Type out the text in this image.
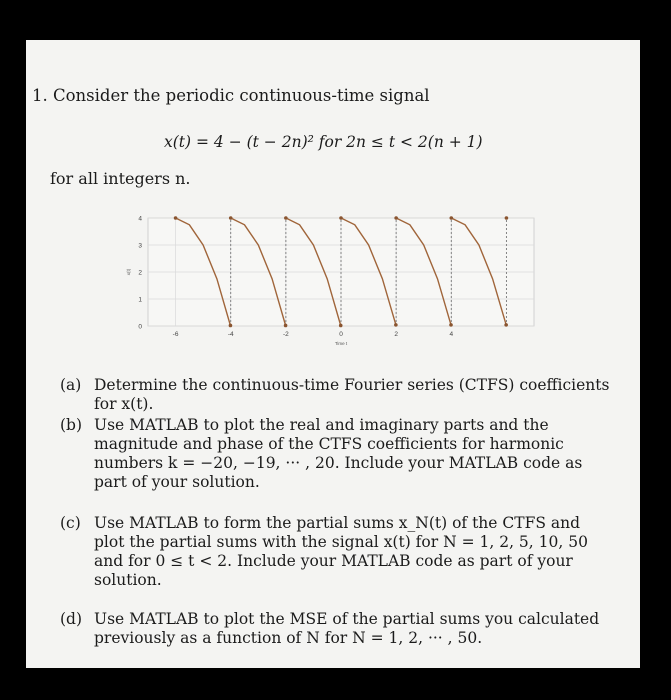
1. Consider the periodic continuous-time signal
x(t) = 4 − (t − 2n)² for 2n ≤ t < 2(n + 1)
for all integers n.
-6	-4	-2	0	2	4
0
1
2
3
4
Time t
x(t)
(a) Determine the continuous-time Fourier series (CTFS) coefficients for x(t).
(b) Use MATLAB to plot the real and imaginary parts and the magnitude and phase of the CTFS coefficients for harmonic numbers k = −20, −19, ··· , 20. Include your MATLAB code as part of your solution.
(c) Use MATLAB to form the partial sums x_N(t) of the CTFS and plot the partial sums with the signal x(t) for N = 1, 2, 5, 10, 50 and for 0 ≤ t < 2. Include your MATLAB code as part of your solution.
(d) Use MATLAB to plot the MSE of the partial sums you calculated previously as a function of N for N = 1, 2, ··· , 50.
